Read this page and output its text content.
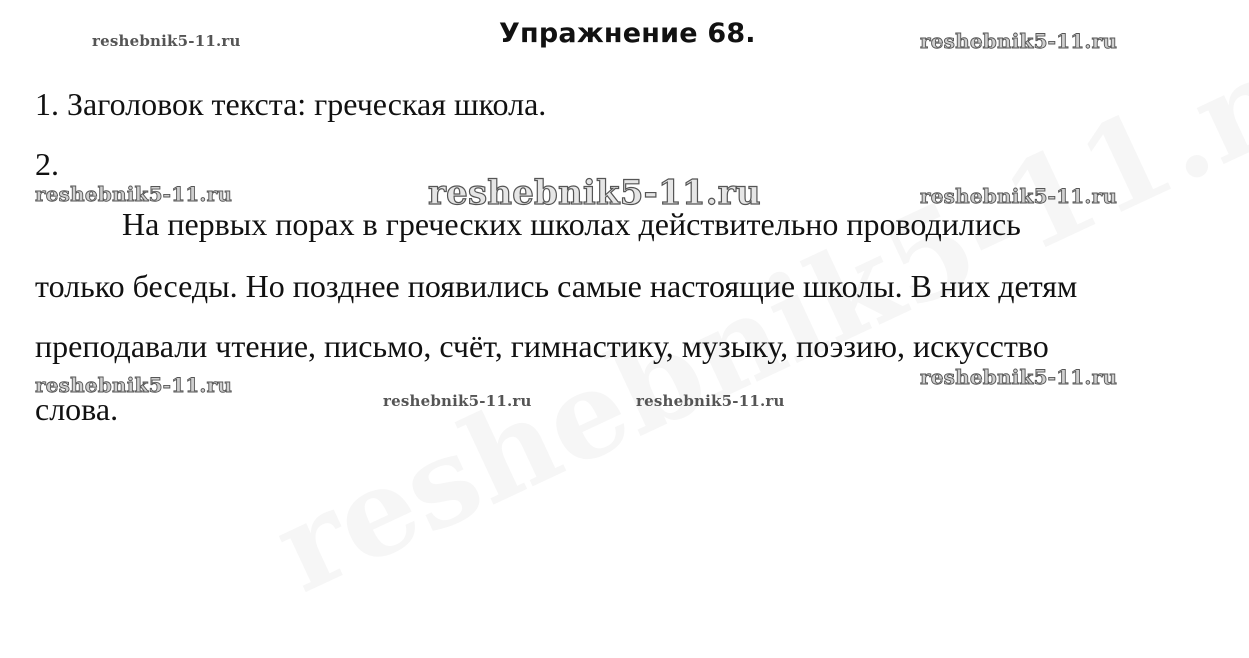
Упражнение 68.
reshebnik5-11.ru	reshebnik5-11.ru
1. Заголовок текста: греческая школа.
2.
reshebnik5-11.ru	reshebnik5-11.ru	reshebnik5-11.ru
На первых порах в греческих школах действительно проводились
только беседы. Но позднее появились самые настоящие школы. В них детям
преподавали чтение, письмо, счёт, гимнастику, музыку, поэзию, искусство
reshebnik5-11.ru	reshebnik5-11.ru
слова.	reshebnik5-11.ru	reshebnik5-11.ru
